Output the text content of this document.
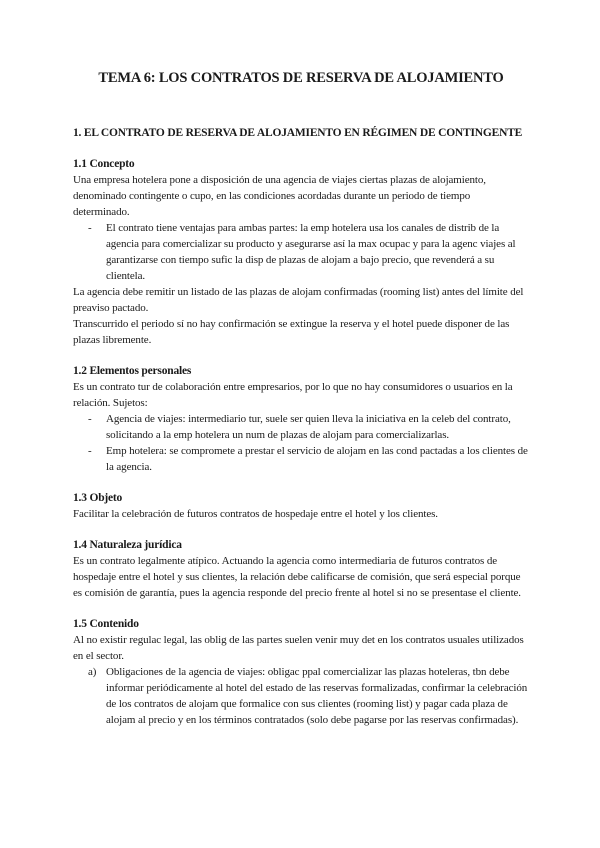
TEMA 6: LOS CONTRATOS DE RESERVA DE ALOJAMIENTO
1. EL CONTRATO DE RESERVA DE ALOJAMIENTO EN RÉGIMEN DE CONTINGENTE
1.1 Concepto

Una empresa hotelera pone a disposición de una agencia de viajes ciertas plazas de alojamiento, denominado contingente o cupo, en las condiciones acordadas durante un periodo de tiempo determinado.

- El contrato tiene ventajas para ambas partes: la emp hotelera usa los canales de distrib de la agencia para comercializar su producto y asegurarse así la max ocupac y para la agenc viajes al garantizarse con tiempo sufic la disp de plazas de alojam a bajo precio, que revenderá a su clientela.

La agencia debe remitir un listado de las plazas de alojam confirmadas (rooming list) antes del límite del preaviso pactado.

Transcurrido el periodo sí no hay confirmación se extingue la reserva y el hotel puede disponer de las plazas libremente.

1.2 Elementos personales

Es un contrato tur de colaboración entre empresarios, por lo que no hay consumidores o usuarios en la relación. Sujetos:

- Agencia de viajes: intermediario tur, suele ser quien lleva la iniciativa en la celeb del contrato, solicitando a la emp hotelera un num de plazas de alojam para comercializarlas.
- Emp hotelera: se compromete a prestar el servicio de alojam en las cond pactadas a los clientes de la agencia.
1.3 Objeto

Facilitar la celebración de futuros contratos de hospedaje entre el hotel y los clientes.

1.4 Naturaleza jurídica

Es un contrato legalmente atípico. Actuando la agencia como intermediaria de futuros contratos de hospedaje entre el hotel y sus clientes, la relación debe calificarse de comisión, que será especial porque es comisión de garantía, pues la agencia responde del precio frente al hotel si no se presentase el cliente.

1.5 Contenido

Al no existir regulac legal, las oblig de las partes suelen venir muy det en los contratos usuales utilizados en el sector.

a) Obligaciones de la agencia de viajes: obligac ppal comercializar las plazas hoteleras, tbn debe informar periódicamente al hotel del estado de las reservas formalizadas, confirmar la celebración de los contratos de alojam que formalice con sus clientes (rooming list) y pagar cada plaza de alojam al precio y en los términos contratados (solo debe pagarse por las reservas confirmadas).
